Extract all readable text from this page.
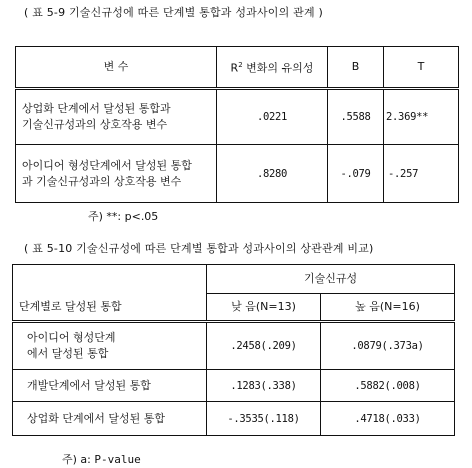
( 표 5-9 기술신규성에 따른 단계별 통합과 성과사이의 관계 )
변 수	$R^2$ 변화의 유의성	B	T

상업화 단계에서 달성된 통합과
기술신규성과의 상호작용 변수	.0221	.5588	2.369**

아이디어 형성단계에서 달성된 통합
과 기술신규성과의 상호작용 변수	.8280	-.079	-.257
주) **: p<.05
( 표 5-10 기술신규성에 따른 단계별 통합과 성과사이의 상관관계 비교)
	기술신규성	
단계별로 달성된 통합	낮 음(N=13)	높 음(N=16)

아이디어 형성단계
에서 달성된 통합	.2458(.209)	.0879(.373a)
개발단계에서 달성된 통합	.1283(.338)	.5882(.008)
상업화 단계에서 달성된 통합	-.3535(.118)	.4718(.033)
주) a: P-value
